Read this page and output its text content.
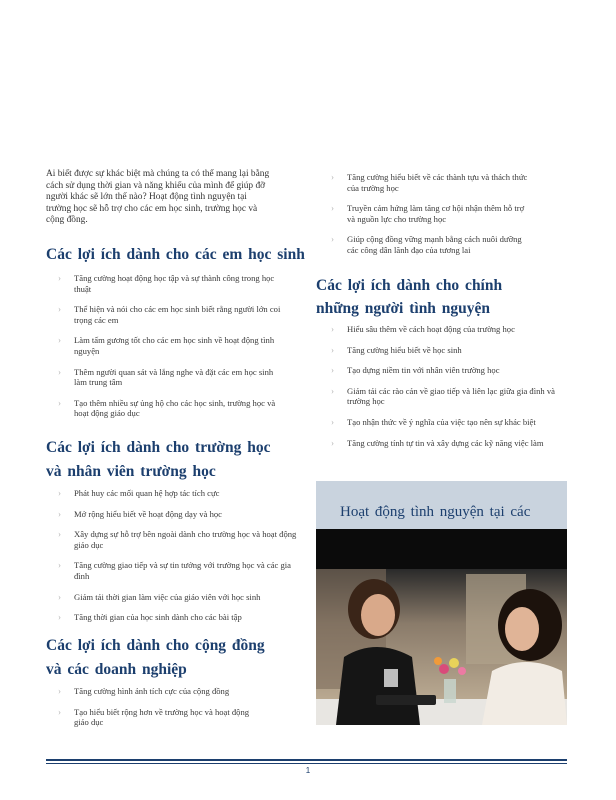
Ai biết được sự khác biệt mà chúng ta có thể mang lại bằng cách sử dụng thời gian và năng khiếu của mình để giúp đỡ người khác sẽ lớn thế nào? Hoạt động tình nguyện tại trường học sẽ hỗ trợ cho các em học sinh, trường học và cộng đồng.

Các lợi ích dành cho các em học sinh
› Tăng cường hoạt động học tập và sự thành công trong học thuật
› Thể hiện và nói cho các em học sinh biết rằng người lớn coi trọng các em
› Làm tấm gương tốt cho các em học sinh về hoạt động tình nguyện
› Thêm người quan sát và lắng nghe và đặt các em học sinh làm trung tâm
› Tạo thêm nhiều sự ủng hộ cho các học sinh, trường học và hoạt động giáo dục
Các lợi ích dành cho trường học
và nhân viên trường học
› Phát huy các mối quan hệ hợp tác tích cực
› Mở rộng hiểu biết về hoạt động dạy và học
› Xây dựng sự hỗ trợ bên ngoài dành cho trường học và hoạt động giáo dục
› Tăng cường giao tiếp và sự tin tưởng với trường học và các gia đình
› Giảm tải thời gian làm việc của giáo viên với học sinh
› Tăng thời gian của học sinh dành cho các bài tập
Các lợi ích dành cho cộng đồng
và các doanh nghiệp
› Tăng cường hình ảnh tích cực của cộng đồng
› Tạo hiểu biết rộng hơn về trường học và hoạt động giáo dục
› Tăng cường hiểu biết về các thành tựu và thách thức của trường học
› Truyền cảm hứng làm tăng cơ hội nhận thêm hỗ trợ và nguồn lực cho trường học
› Giúp cộng đồng vững mạnh bằng cách nuôi dưỡng các công dân lãnh đạo của tương lai
Các lợi ích dành cho chính
những người tình nguyện
› Hiểu sâu thêm về cách hoạt động của trường học
› Tăng cường hiểu biết về học sinh
› Tạo dựng niềm tin với nhân viên trường học
› Giảm tải các rào cản về giao tiếp và liên lạc giữa gia đình và trường học
› Tạo nhận thức về ý nghĩa của việc tạo nên sự khác biệt
› Tăng cường tính tự tin và xây dựng các kỹ năng việc làm
Hoạt động tình nguyện tại các
1
